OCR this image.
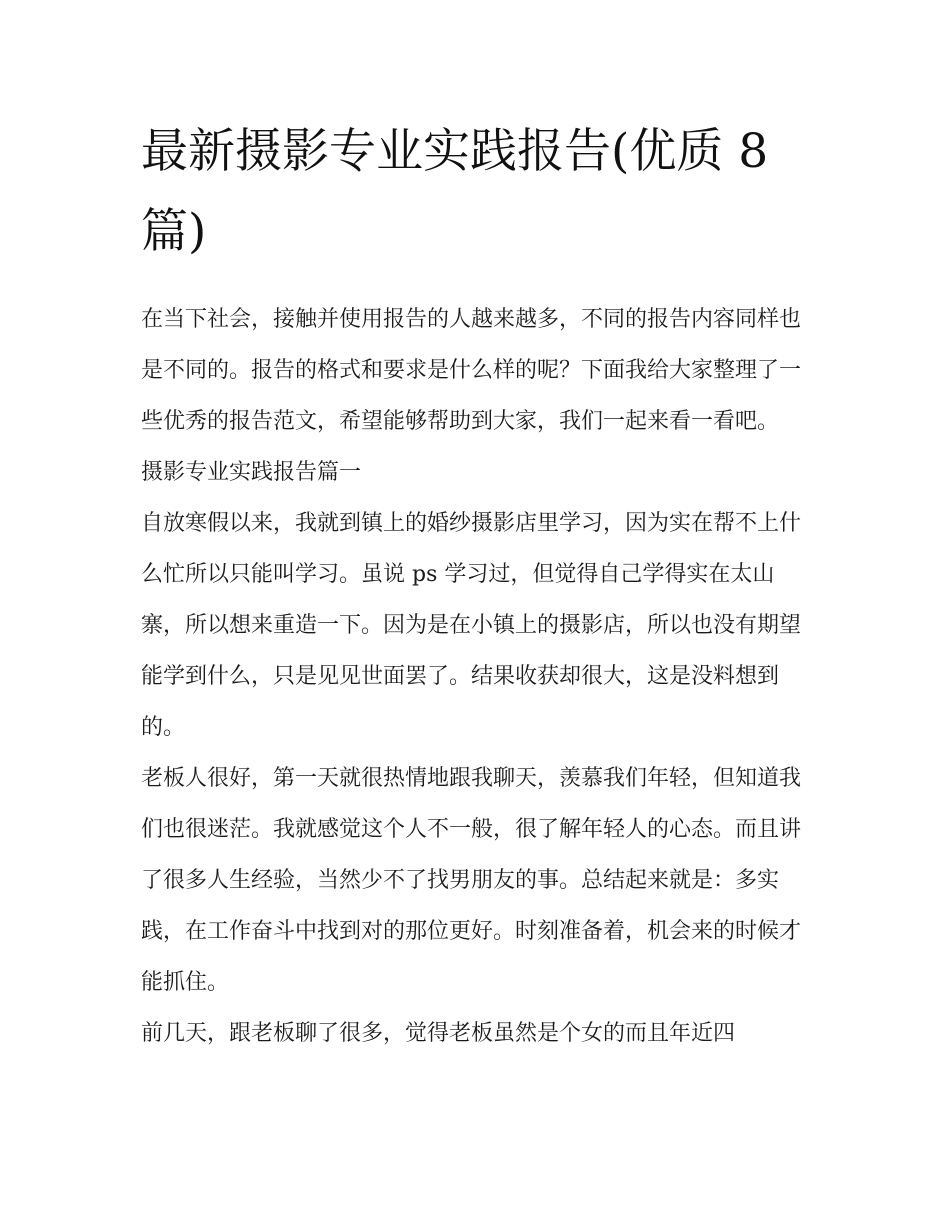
最新摄影专业实践报告(优质 8 篇)

在当下社会，接触并使用报告的人越来越多，不同的报告内容同样也是不同的。报告的格式和要求是什么样的呢？下面我给大家整理了一些优秀的报告范文，希望能够帮助到大家，我们一起来看一看吧。

摄影专业实践报告篇一

自放寒假以来，我就到镇上的婚纱摄影店里学习，因为实在帮不上什么忙所以只能叫学习。虽说 ps 学习过，但觉得自己学得实在太山寨，所以想来重造一下。因为是在小镇上的摄影店，所以也没有期望能学到什么，只是见见世面罢了。结果收获却很大，这是没料想到的。

老板人很好，第一天就很热情地跟我聊天，羡慕我们年轻，但知道我们也很迷茫。我就感觉这个人不一般，很了解年轻人的心态。而且讲了很多人生经验，当然少不了找男朋友的事。总结起来就是：多实践，在工作奋斗中找到对的那位更好。时刻准备着，机会来的时候才能抓住。

前几天，跟老板聊了很多，觉得老板虽然是个女的而且年近四
